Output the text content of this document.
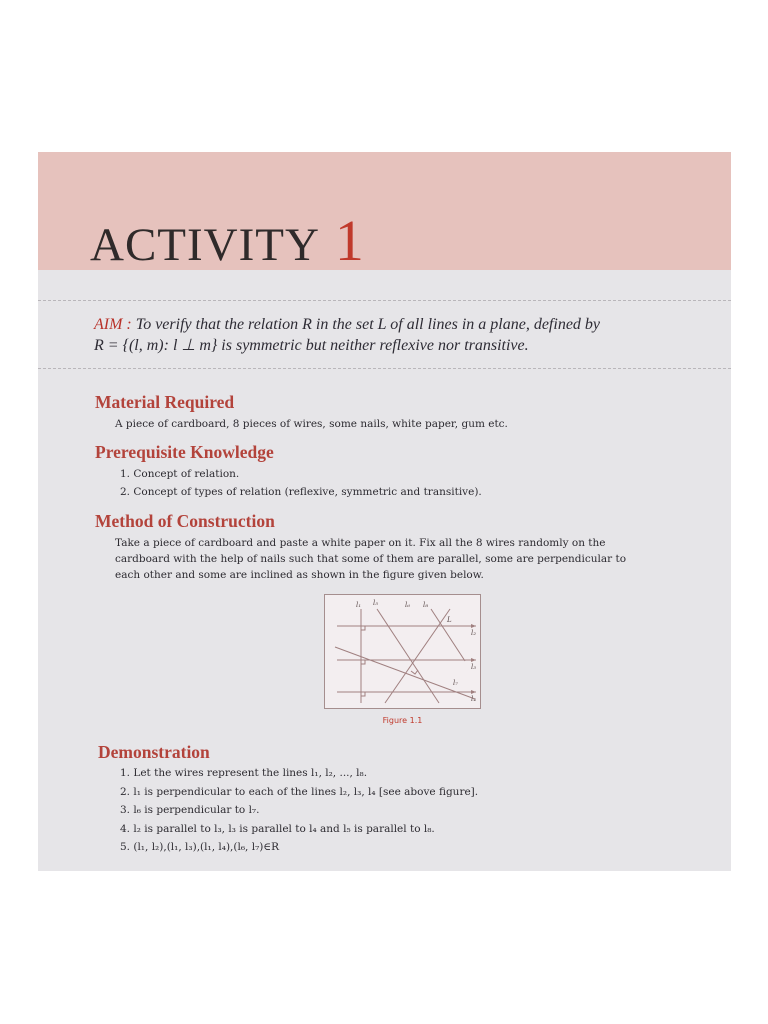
ACTIVITY 1

AIM : To verify that the relation R in the set L of all lines in a plane, defined by
R = {(l, m): l ⊥ m} is symmetric but neither reflexive nor transitive.

Material Required

A piece of cardboard, 8 pieces of wires, some nails, white paper, gum etc.

Prerequisite Knowledge
1. Concept of relation.
2. Concept of types of relation (reflexive, symmetric and transitive).
Method of Construction

Take a piece of cardboard and paste a white paper on it. Fix all the 8 wires randomly on the
cardboard with the help of nails such that some of them are parallel, some are perpendicular to
each other and some are inclined as shown in the figure given below.

l₁
l₂
l₃
l₄
l₅	l₆ l₈
l₇
L
Figure 1.1
Demonstration
1. Let the wires represent the lines l₁, l₂, ..., l₈.
2. l₁ is perpendicular to each of the lines l₂, l₃, l₄ [see above figure].
3. l₆ is perpendicular to l₇.
4. l₂ is parallel to l₃, l₃ is parallel to l₄ and l₅ is parallel to l₈.
5. (l₁, l₂),(l₁, l₃),(l₁, l₄),(l₆, l₇)∈R
